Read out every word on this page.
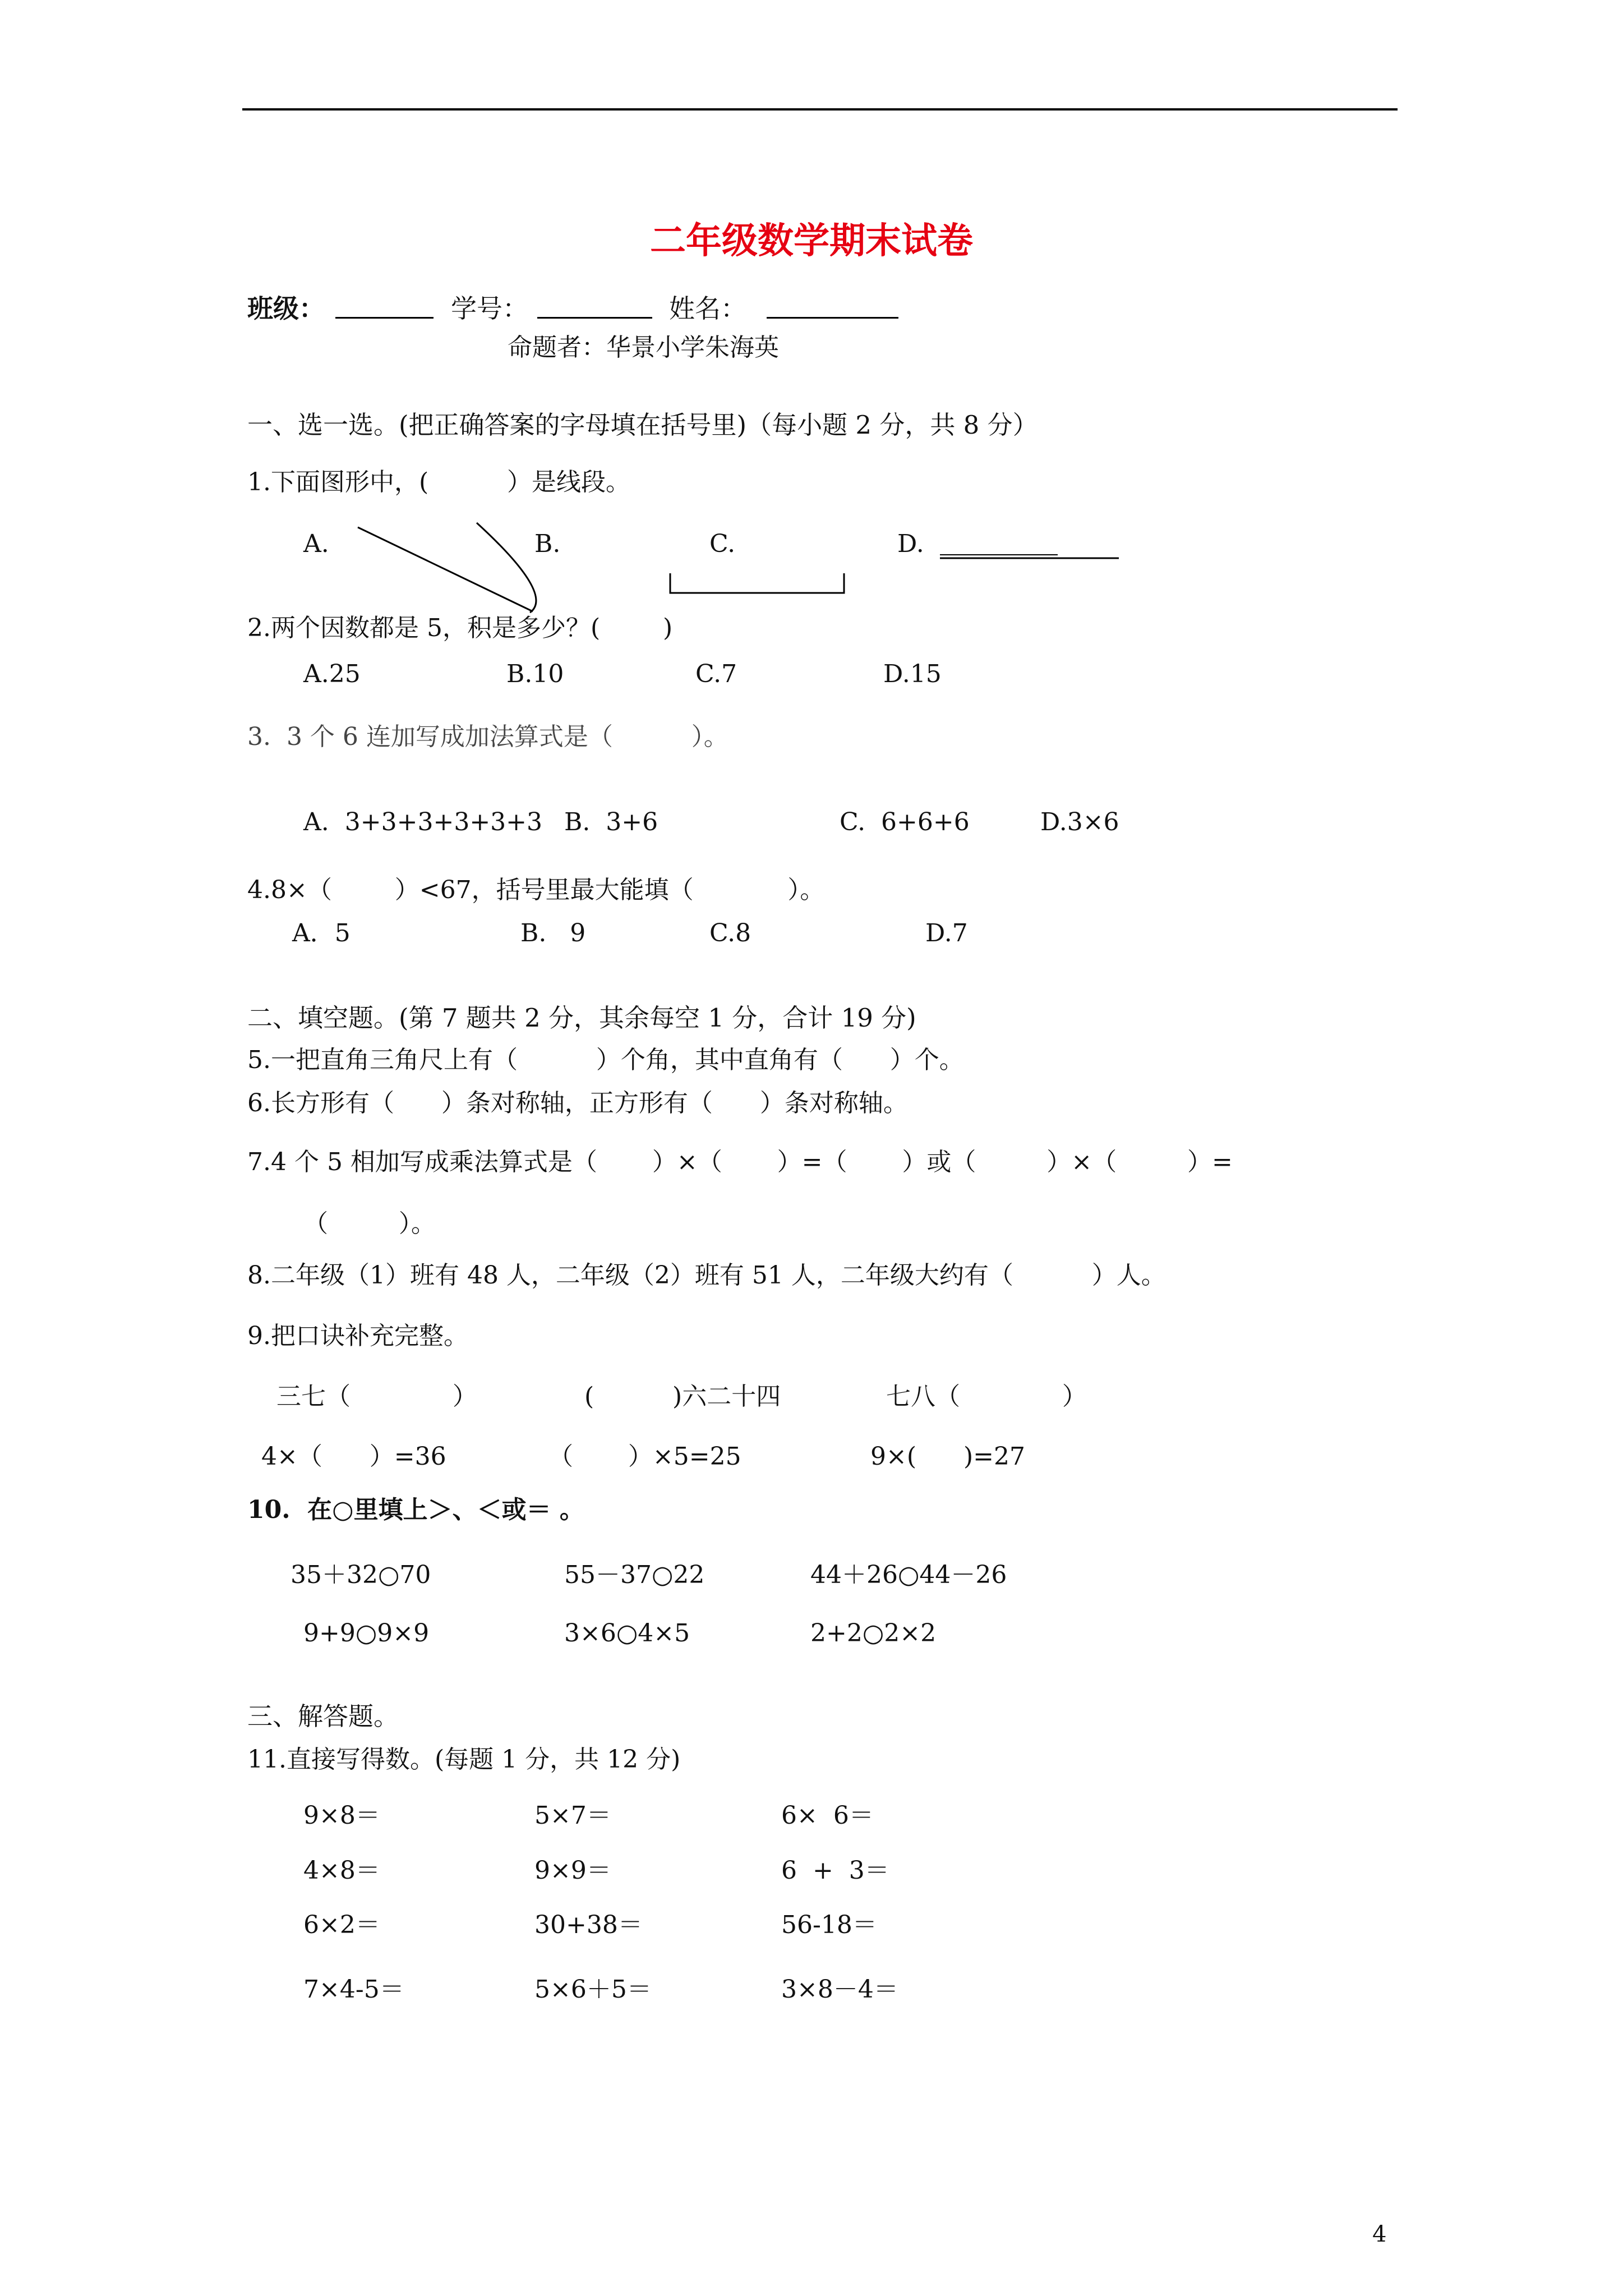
二年级数学期末试卷
班级：	学号：	姓名：
命题者：华景小学朱海英
一、选一选。(把正确答案的字母填在括号里)（每小题 2 分，共 8 分）
1.下面图形中，(          ）是线段。
A.	B.	C.	D.
2.两个因数都是 5，积是多少？(        )
A.25	B.10	C.7	D.15
3.  3 个 6 连加写成加法算式是（          ）。
A.  3+3+3+3+3+3 B.  3+6	C.  6+6+6	D.3×6
4.8×（        ）<67，括号里最大能填（            ）。
A．5	B.   9	C.8	D.7
二、填空题。(第 7 题共 2 分，其余每空 1 分，合计 19 分)
5.一把直角三角尺上有（          ）个角，其中直角有（      ）个。
6.长方形有（      ）条对称轴，正方形有（      ）条对称轴。
7.4 个 5 相加写成乘法算式是（       ）×（       ）=（       ）或（         ）×（         ）=
（         ）。
8.二年级（1）班有 48 人，二年级（2）班有 51 人，二年级大约有（          ）人。
9.把口诀补充完整。
三七（             ）	(          )六二十四	七八（             ）
4×（      ）=36	（       ）×5=25	9×(      )=27
10.  在○里填上＞、＜或＝ 。
35＋32○70	55－37○22	44＋26○44－26
9+9○9×9	3×6○4×5	2+2○2×2
三、解答题。
11.直接写得数。(每题 1 分，共 12 分)
9×8＝	5×7＝	6×  6＝
4×8＝	9×9＝	6  +  3＝
6×2＝	30+38＝	56-18＝
7×4-5＝	5×6＋5＝	3×8－4＝
4
